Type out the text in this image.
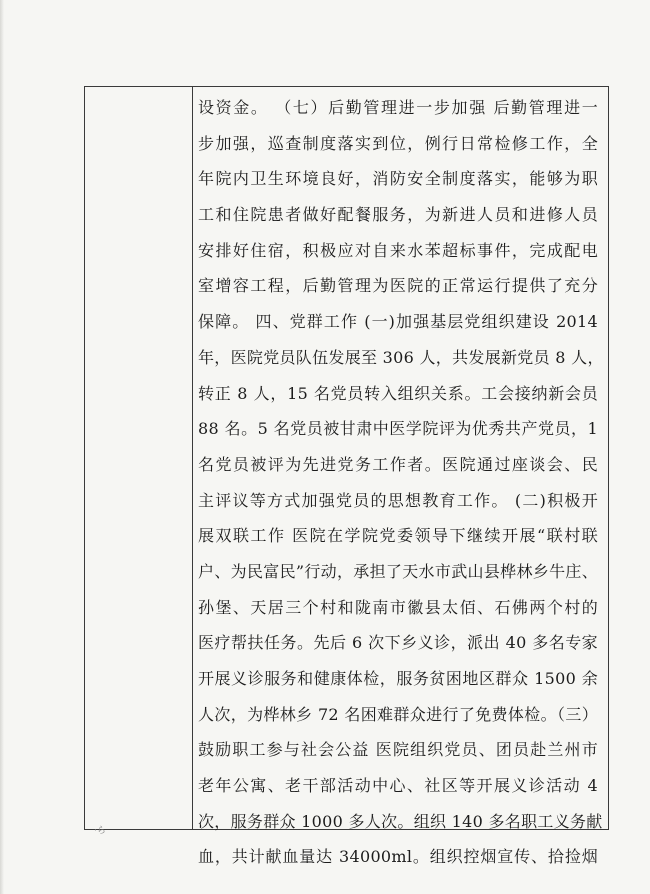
设资金。 （七）后勤管理进一步加强 后勤管理进一
步加强，巡查制度落实到位，例行日常检修工作，全
年院内卫生环境良好，消防安全制度落实，能够为职
工和住院患者做好配餐服务，为新进人员和进修人员
安排好住宿，积极应对自来水苯超标事件，完成配电
室增容工程，后勤管理为医院的正常运行提供了充分
保障。 四、党群工作 (一)加强基层党组织建设 2014
年，医院党员队伍发展至 306 人，共发展新党员 8 人，
转正 8 人，15 名党员转入组织关系。工会接纳新会员
88 名。5 名党员被甘肃中医学院评为优秀共产党员，1
名党员被评为先进党务工作者。医院通过座谈会、民
主评议等方式加强党员的思想教育工作。 (二)积极开
展双联工作 医院在学院党委领导下继续开展“联村联
户、为民富民”行动，承担了天水市武山县桦林乡牛庄、
孙堡、天居三个村和陇南市徽县太佰、石佛两个村的
医疗帮扶任务。先后 6 次下乡义诊，派出 40 多名专家
开展义诊服务和健康体检，服务贫困地区群众 1500 余
人次，为桦林乡 72 名困难群众进行了免费体检。（三）
鼓励职工参与社会公益 医院组织党员、团员赴兰州市
老年公寓、老干部活动中心、社区等开展义诊活动 4
次，服务群众 1000 多人次。组织 140 多名职工义务献
血，共计献血量达 34000ml。组织控烟宣传、拾捡烟
·ら
